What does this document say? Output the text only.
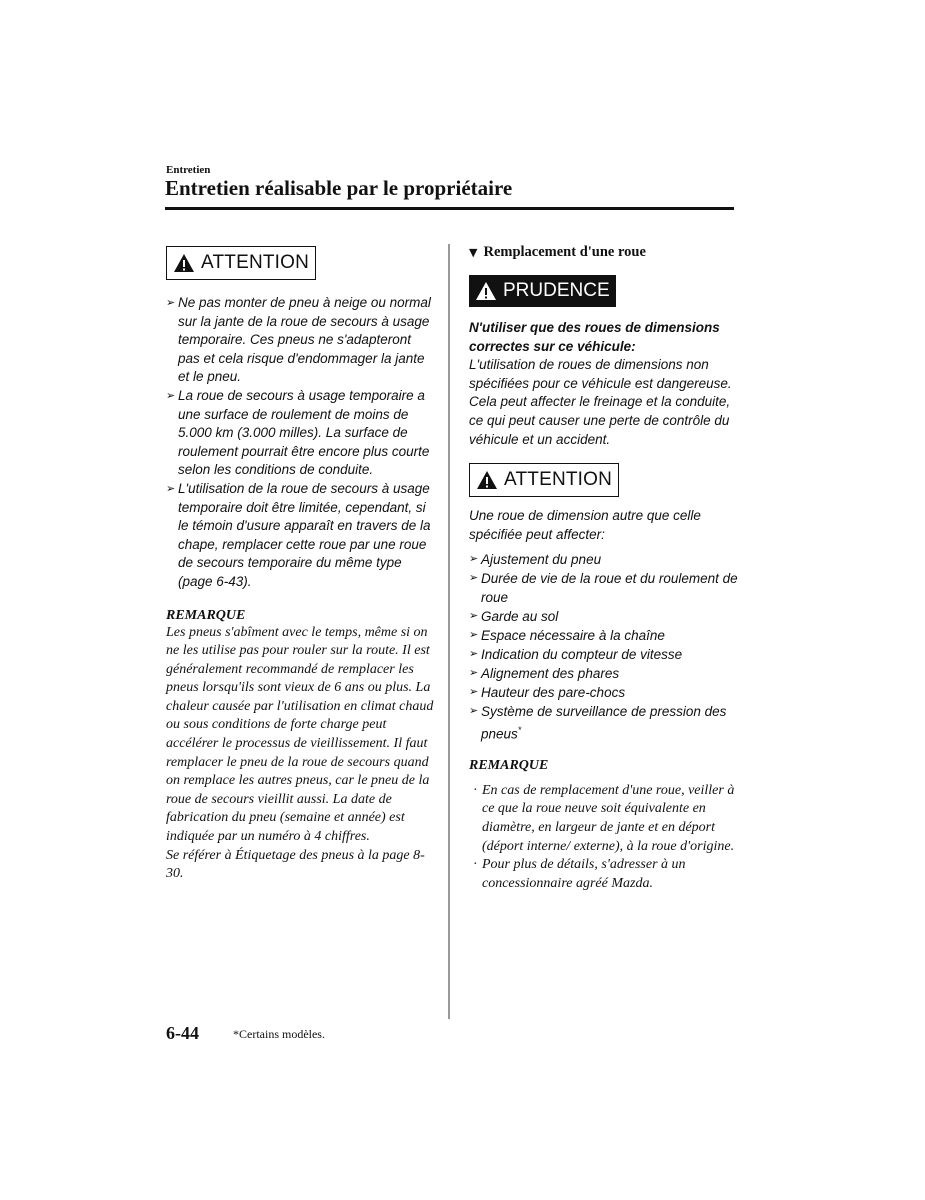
Entretien
Entretien réalisable par le propriétaire
ATTENTION
➢ Ne pas monter de pneu à neige ou normal sur la jante de la roue de secours à usage temporaire. Ces pneus ne s'adapteront pas et cela risque d'endommager la jante et le pneu.
➢ La roue de secours à usage temporaire a une surface de roulement de moins de 5.000 km (3.000 milles). La surface de roulement pourrait être encore plus courte selon les conditions de conduite.
➢ L'utilisation de la roue de secours à usage temporaire doit être limitée, cependant, si le témoin d'usure apparaît en travers de la chape, remplacer cette roue par une roue de secours temporaire du même type (page 6-43).
REMARQUE
Les pneus s'abîment avec le temps, même si on ne les utilise pas pour rouler sur la route. Il est généralement recommandé de remplacer les pneus lorsqu'ils sont vieux de 6 ans ou plus. La chaleur causée par l'utilisation en climat chaud ou sous conditions de forte charge peut accélérer le processus de vieillissement. Il faut remplacer le pneu de la roue de secours quand on remplace les autres pneus, car le pneu de la roue de secours vieillit aussi. La date de fabrication du pneu (semaine et année) est indiquée par un numéro à 4 chiffres.
Se référer à Étiquetage des pneus à la page 8-30.
▼ Remplacement d'une roue
PRUDENCE
N'utiliser que des roues de dimensions correctes sur ce véhicule:
L'utilisation de roues de dimensions non spécifiées pour ce véhicule est dangereuse. Cela peut affecter le freinage et la conduite, ce qui peut causer une perte de contrôle du véhicule et un accident.
ATTENTION
Une roue de dimension autre que celle spécifiée peut affecter:
➢ Ajustement du pneu
➢ Durée de vie de la roue et du roulement de roue
➢ Garde au sol
➢ Espace nécessaire à la chaîne
➢ Indication du compteur de vitesse
➢ Alignement des phares
➢ Hauteur des pare-chocs
➢ Système de surveillance de pression des pneus*
REMARQUE
· En cas de remplacement d'une roue, veiller à ce que la roue neuve soit équivalente en diamètre, en largeur de jante et en déport (déport interne/ externe), à la roue d'origine.
· Pour plus de détails, s'adresser à un concessionnaire agréé Mazda.
6-44	*Certains modèles.
